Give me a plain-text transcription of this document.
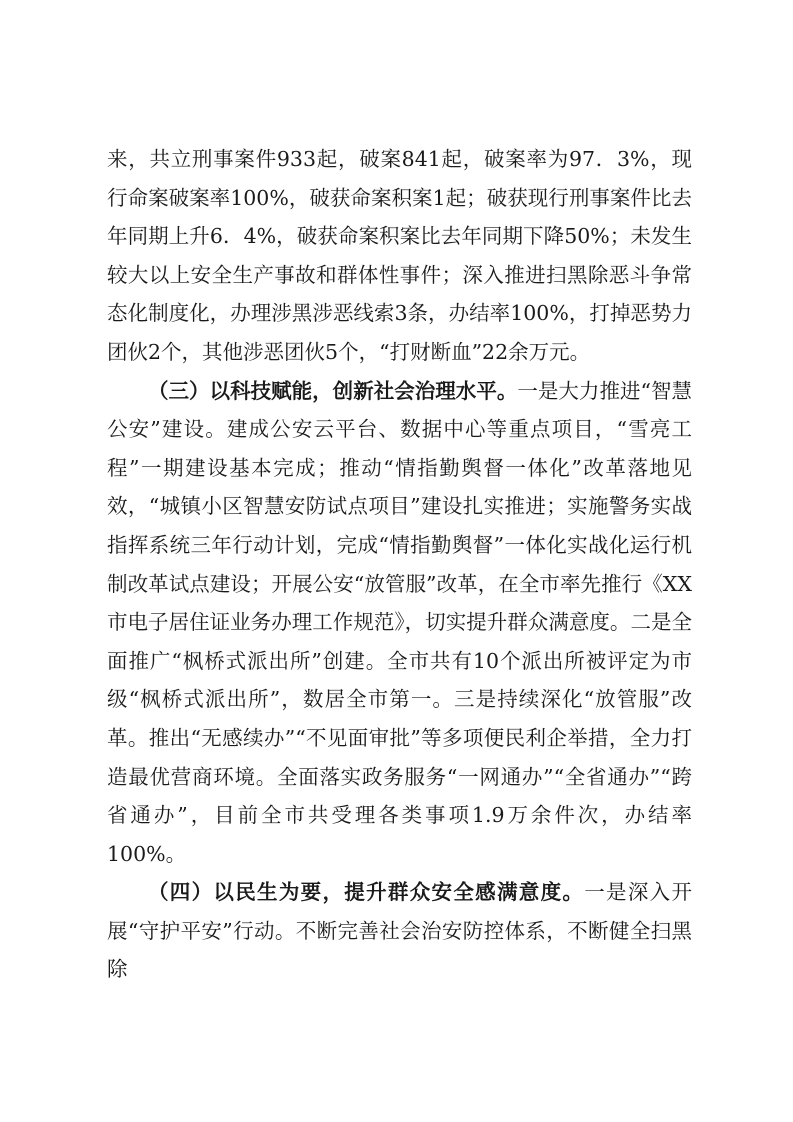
来，共立刑事案件933起，破案841起，破案率为97．3%，现行命案破案率100%，破获命案积案1起；破获现行刑事案件比去年同期上升6．4%，破获命案积案比去年同期下降50%；未发生较大以上安全生产事故和群体性事件；深入推进扫黑除恶斗争常态化制度化，办理涉黑涉恶线索3条，办结率100%，打掉恶势力团伙2个，其他涉恶团伙5个，“打财断血”22余万元。

（三）以科技赋能，创新社会治理水平。一是大力推进“智慧公安”建设。建成公安云平台、数据中心等重点项目，“雪亮工程”一期建设基本完成；推动“情指勤舆督一体化”改革落地见效，“城镇小区智慧安防试点项目”建设扎实推进；实施警务实战指挥系统三年行动计划，完成“情指勤舆督”一体化实战化运行机制改革试点建设；开展公安“放管服”改革，在全市率先推行《XX市电子居住证业务办理工作规范》，切实提升群众满意度。二是全面推广“枫桥式派出所”创建。全市共有10个派出所被评定为市级“枫桥式派出所”，数居全市第一。三是持续深化“放管服”改革。推出“无感续办”“不见面审批”等多项便民利企举措，全力打造最优营商环境。全面落实政务服务“一网通办”“全省通办”“跨省通办”，目前全市共受理各类事项1.9万余件次，办结率100%。

（四）以民生为要，提升群众安全感满意度。一是深入开展“守护平安”行动。不断完善社会治安防控体系，不断健全扫黑除
